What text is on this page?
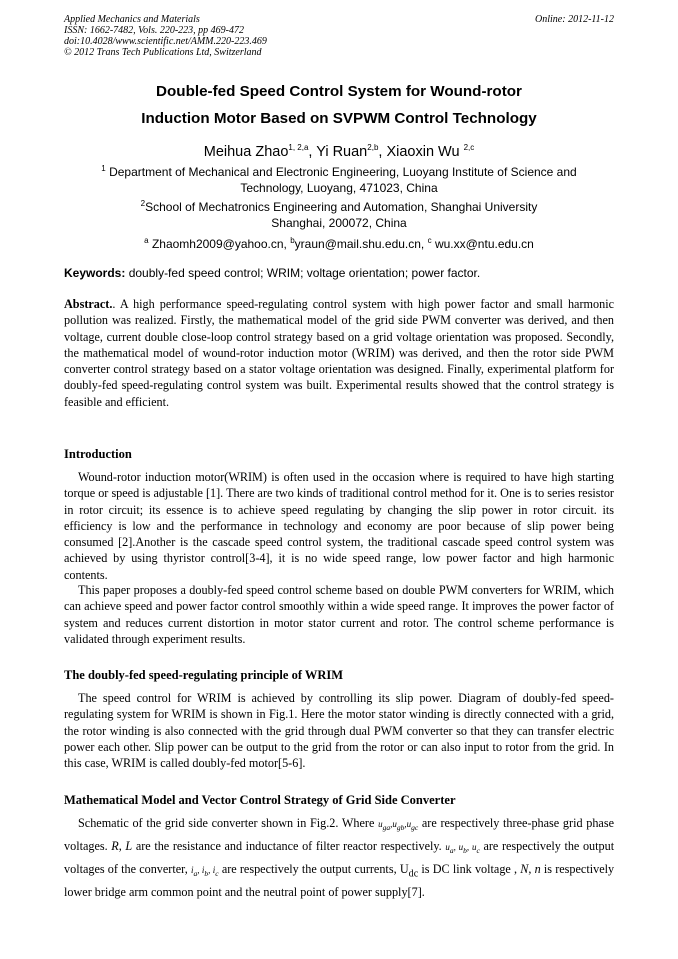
Applied Mechanics and Materials
ISSN: 1662-7482, Vols. 220-223, pp 469-472
doi:10.4028/www.scientific.net/AMM.220-223.469
© 2012 Trans Tech Publications Ltd, Switzerland
Online: 2012-11-12
Double-fed Speed Control System for Wound-rotor
Induction Motor Based on SVPWM Control Technology
Meihua Zhao$^{1, 2,a}$, Yi Ruan$^{2,b}$, Xiaoxin Wu $^{2,c}$
$^1$ Department of Mechanical and Electronic Engineering, Luoyang Institute of Science and
Technology, Luoyang, 471023, China
$^2$School of Mechatronics Engineering and Automation, Shanghai University
Shanghai, 200072, China
$^a$ Zhaomh2009@yahoo.cn, $^b$yraun@mail.shu.edu.cn, $^c$ wu.xx@ntu.edu.cn
Keywords: doubly-fed speed control; WRIM; voltage orientation; power factor.
Abstract.. A high performance speed-regulating control system with high power factor and small harmonic pollution was realized. Firstly, the mathematical model of the grid side PWM converter was derived, and then voltage, current double close-loop control strategy based on a grid voltage orientation was proposed. Secondly, the mathematical model of wound-rotor induction motor (WRIM) was derived, and then the rotor side PWM converter control strategy based on a stator voltage orientation was designed. Finally, experimental platform for doubly-fed speed-regulating control system was built. Experimental results showed that the control strategy is feasible and efficient.
Introduction
Wound-rotor induction motor(WRIM) is often used in the occasion where is required to have high starting torque or speed is adjustable [1]. There are two kinds of traditional control method for it. One is to series resistor in rotor circuit; its essence is to achieve speed regulating by changing the slip power in rotor circuit. its efficiency is low and the performance in technology and economy are poor because of slip power being consumed [2].Another is the cascade speed control system, the traditional cascade speed control system was achieved by using thyristor control[3-4], it is no wide speed range, low power factor and high harmonic contents.
This paper proposes a doubly-fed speed control scheme based on double PWM converters for WRIM, which can achieve speed and power factor control smoothly within a wide speed range. It improves the power factor of system and reduces current distortion in motor stator current and rotor. The control scheme performance is validated through experiment results.
The doubly-fed speed-regulating principle of WRIM
The speed control for WRIM is achieved by controlling its slip power. Diagram of doubly-fed speed-regulating system for WRIM is shown in Fig.1. Here the motor stator winding is directly connected with a grid, the rotor winding is also connected with the grid through dual PWM converter so that they can transfer electric power each other. Slip power can be output to the grid from the rotor or can also input to rotor from the grid. In this case, WRIM is called doubly-fed motor[5-6].
Mathematical Model and Vector Control Strategy of Grid Side Converter
Schematic of the grid side converter shown in Fig.2. Where $u_{ga},u_{gb},u_{gc}$ are respectively three-phase grid phase voltages. R, L are the resistance and inductance of filter reactor respectively. $u_a$, $u_b$, $u_c$ are respectively the output voltages of the converter, $i_a$, $i_b$, $i_c$ are respectively the output currents, $U_{dc}$ is DC link voltage , N, n is respectively lower bridge arm common point and the neutral point of power supply[7].
